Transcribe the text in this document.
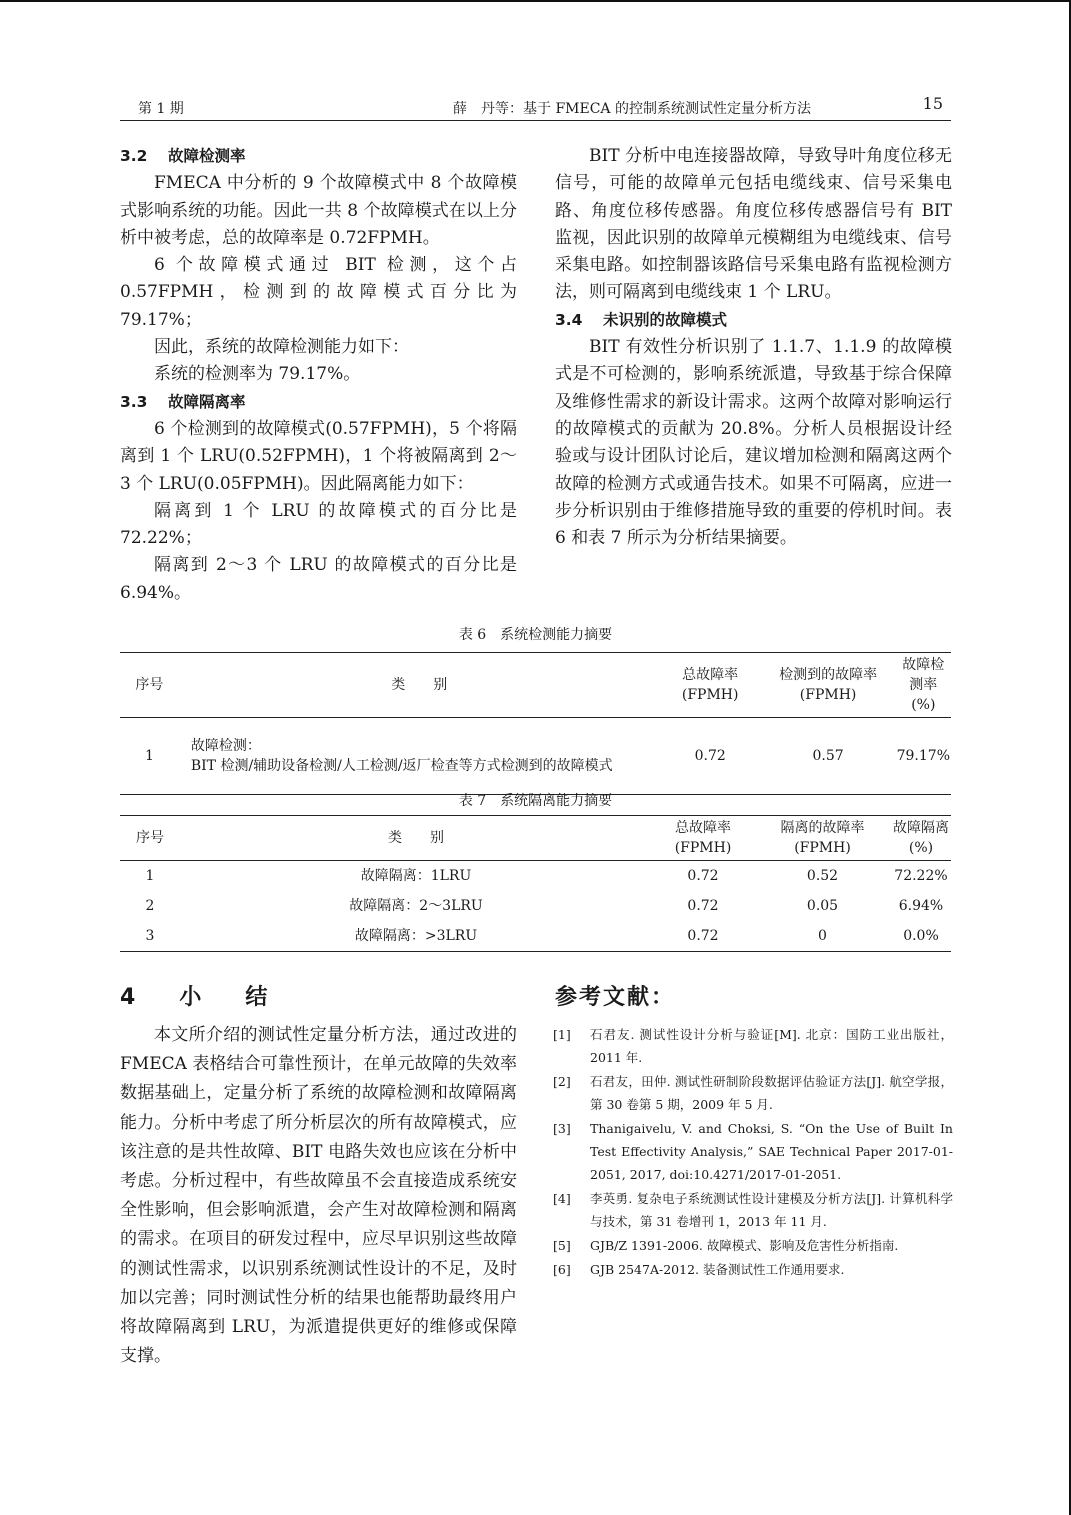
第 1 期	薛　丹等：基于 FMECA 的控制系统测试性定量分析方法	15

3.2 故障检测率

FMECA 中分析的 9 个故障模式中 8 个故障模式影响系统的功能。因此一共 8 个故障模式在以上分析中被考虑，总的故障率是 0.72FPMH。

6 个故障模式通过 BIT 检测，这个占 0.57FPMH，检测到的故障模式百分比为 79.17%；

因此，系统的故障检测能力如下：

系统的检测率为 79.17%。

3.3 故障隔离率

6 个检测到的故障模式(0.57FPMH)，5 个将隔离到 1 个 LRU(0.52FPMH)，1 个将被隔离到 2～3 个 LRU(0.05FPMH)。因此隔离能力如下：

隔离到 1 个 LRU 的故障模式的百分比是 72.22%；

隔离到 2～3 个 LRU 的故障模式的百分比是 6.94%。

BIT 分析中电连接器故障，导致导叶角度位移无信号，可能的故障单元包括电缆线束、信号采集电路、角度位移传感器。角度位移传感器信号有 BIT 监视，因此识别的故障单元模糊组为电缆线束、信号采集电路。如控制器该路信号采集电路有监视检测方法，则可隔离到电缆线束 1 个 LRU。

3.4 未识别的故障模式

BIT 有效性分析识别了 1.1.7、1.1.9 的故障模式是不可检测的，影响系统派遣，导致基于综合保障及维修性需求的新设计需求。这两个故障对影响运行的故障模式的贡献为 20.8%。分析人员根据设计经验或与设计团队讨论后，建议增加检测和隔离这两个故障的检测方式或通告技术。如果不可隔离，应进一步分析识别由于维修措施导致的重要的停机时间。表 6 和表 7 所示为分析结果摘要。

表 6　系统检测能力摘要
序号	类　　别	总故障率
(FPMH)	检测到的故障率
(FPMH)	故障检测率
(%)
1	故障检测：
BIT 检测/辅助设备检测/人工检测/返厂检查等方式检测到的故障模式	0.72	0.57	79.17%
表 7　系统隔离能力摘要
序号	类　　别	总故障率
(FPMH)	隔离的故障率
(FPMH)	故障隔离
(%)
1	故障隔离：1LRU	0.72	0.52	72.22%
2	故障隔离：2～3LRU	0.72	0.05	6.94%
3	故障隔离：>3LRU	0.72	0	0.0%
4 小 结

本文所介绍的测试性定量分析方法，通过改进的 FMECA 表格结合可靠性预计，在单元故障的失效率数据基础上，定量分析了系统的故障检测和故障隔离能力。分析中考虑了所分析层次的所有故障模式，应该注意的是共性故障、BIT 电路失效也应该在分析中考虑。分析过程中，有些故障虽不会直接造成系统安全性影响，但会影响派遣，会产生对故障检测和隔离的需求。在项目的研发过程中，应尽早识别这些故障的测试性需求，以识别系统测试性设计的不足，及时加以完善；同时测试性分析的结果也能帮助最终用户将故障隔离到 LRU，为派遣提供更好的维修或保障支撑。

参考文献：
[1]	石君友. 测试性设计分析与验证[M]. 北京：国防工业出版社，2011 年.
[2]	石君友，田仲. 测试性研制阶段数据评估验证方法[J]. 航空学报，第 30 卷第 5 期，2009 年 5 月.
[3]	Thanigaivelu, V. and Choksi, S. “On the Use of Built In Test Effectivity Analysis,” SAE Technical Paper 2017-01-2051, 2017, doi:10.4271/2017-01-2051.
[4]	李英勇. 复杂电子系统测试性设计建模及分析方法[J]. 计算机科学与技术，第 31 卷增刊 1，2013 年 11 月.
[5]	GJB/Z 1391-2006. 故障模式、影响及危害性分析指南.
[6]	GJB 2547A-2012. 装备测试性工作通用要求.
